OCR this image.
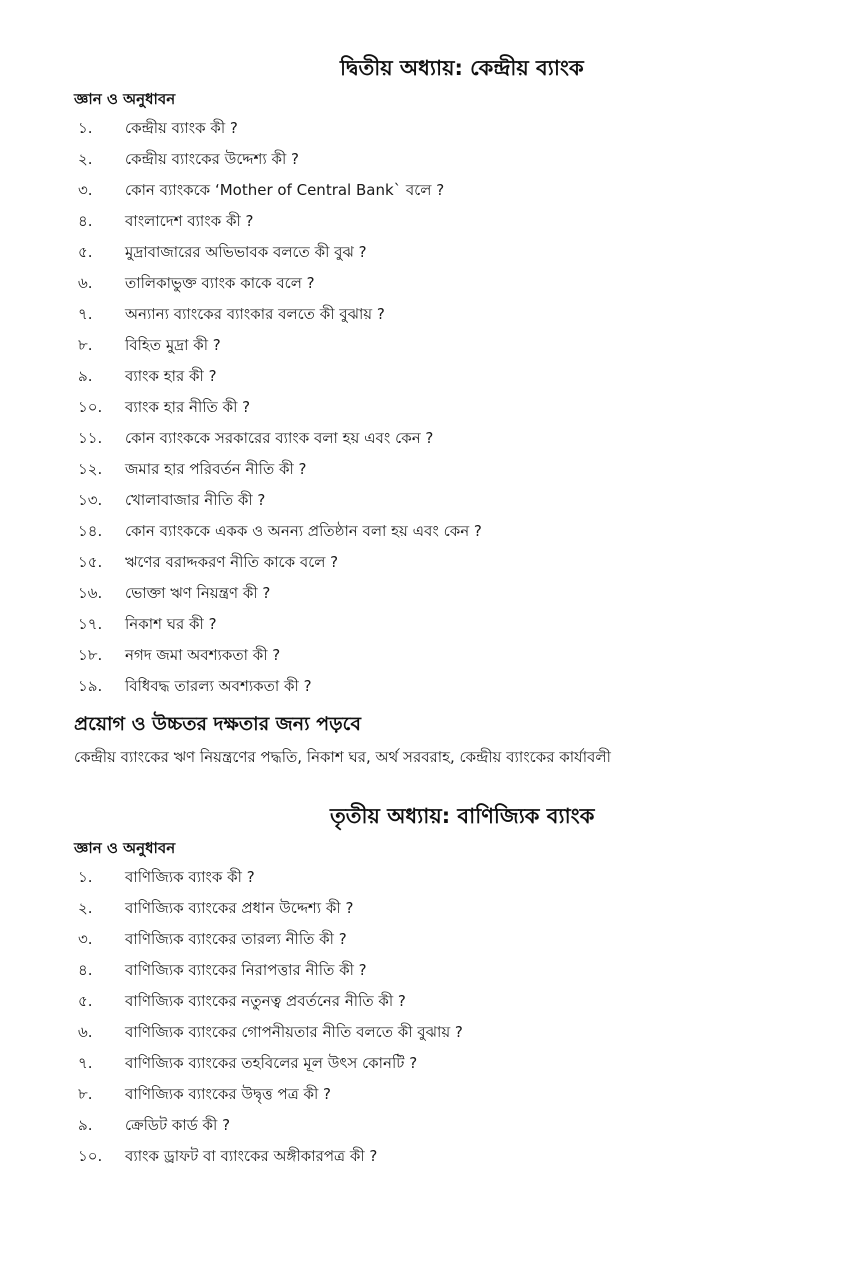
দ্বিতীয় অধ্যায়: কেন্দ্রীয় ব্যাংক
জ্ঞান ও অনুধাবন
১.	কেন্দ্রীয় ব্যাংক কী ?
২.	কেন্দ্রীয় ব্যাংকের উদ্দেশ্য কী ?
৩.	কোন ব্যাংককে ‘Mother of Central Bank` বলে ?
৪.	বাংলাদেশ ব্যাংক কী ?
৫.	মুদ্রাবাজারের অভিভাবক বলতে কী বুঝ ?
৬.	তালিকাভুক্ত ব্যাংক কাকে বলে ?
৭.	অন্যান্য ব্যাংকের ব্যাংকার বলতে কী বুঝায় ?
৮.	বিহিত মুদ্রা কী ?
৯.	ব্যাংক হার কী ?
১০.	ব্যাংক হার নীতি কী ?
১১.	কোন ব্যাংককে সরকারের ব্যাংক বলা হয় এবং কেন ?
১২.	জমার হার পরিবর্তন নীতি কী ?
১৩.	খোলাবাজার নীতি কী ?
১৪.	কোন ব্যাংককে একক ও অনন্য প্রতিষ্ঠান বলা হয় এবং কেন ?
১৫.	ঋণের বরাদ্দকরণ নীতি কাকে বলে ?
১৬.	ভোক্তা ঋণ নিয়ন্ত্রণ কী ?
১৭.	নিকাশ ঘর কী ?
১৮.	নগদ জমা অবশ্যকতা কী ?
১৯.	বিধিবদ্ধ তারল্য অবশ্যকতা কী ?
প্রয়োগ ও উচ্চতর দক্ষতার জন্য পড়বে
কেন্দ্রীয় ব্যাংকের ঋণ নিয়ন্ত্রণের পদ্ধতি, নিকাশ ঘর, অর্থ সরবরাহ, কেন্দ্রীয় ব্যাংকের কার্যাবলী
তৃতীয় অধ্যায়: বাণিজ্যিক ব্যাংক
জ্ঞান ও অনুধাবন
১.	বাণিজ্যিক ব্যাংক কী ?
২.	বাণিজ্যিক ব্যাংকের প্রধান উদ্দেশ্য কী ?
৩.	বাণিজ্যিক ব্যাংকের তারল্য নীতি কী ?
৪.	বাণিজ্যিক ব্যাংকের নিরাপত্তার নীতি কী ?
৫.	বাণিজ্যিক ব্যাংকের নতুনত্ব প্রবর্তনের নীতি কী ?
৬.	বাণিজ্যিক ব্যাংকের গোপনীয়তার নীতি বলতে কী বুঝায় ?
৭.	বাণিজ্যিক ব্যাংকের তহবিলের মূল উৎস কোনটি ?
৮.	বাণিজ্যিক ব্যাংকের উদ্বৃত্ত পত্র কী ?
৯.	ক্রেডিট কার্ড কী ?
১০.	ব্যাংক ড্রাফট বা ব্যাংকের অঙ্গীকারপত্র কী ?
